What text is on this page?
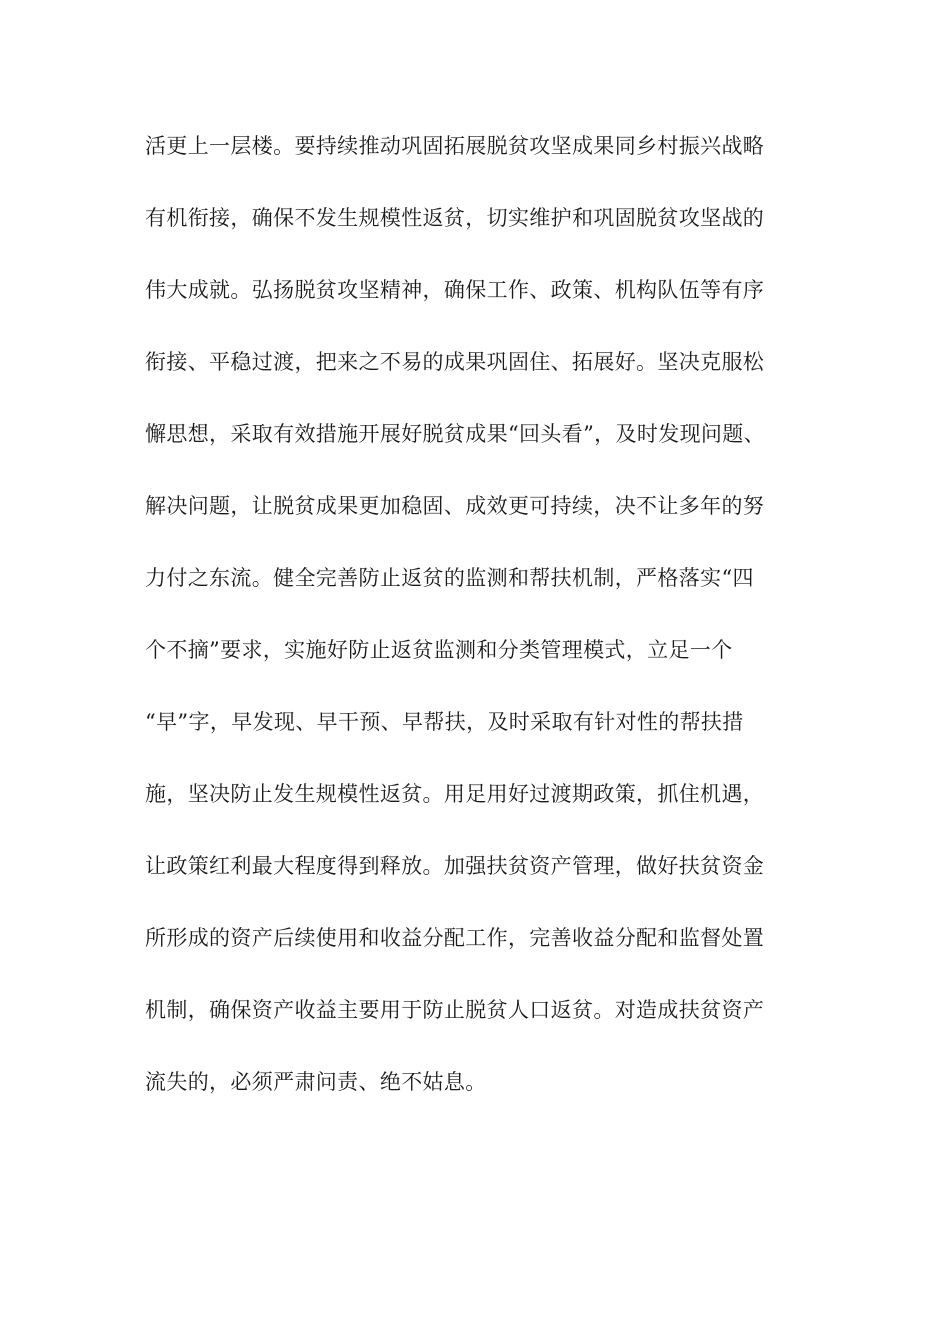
活更上一层楼。要持续推动巩固拓展脱贫攻坚成果同乡村振兴战略
有机衔接，确保不发生规模性返贫，切实维护和巩固脱贫攻坚战的
伟大成就。弘扬脱贫攻坚精神，确保工作、政策、机构队伍等有序
衔接、平稳过渡，把来之不易的成果巩固住、拓展好。坚决克服松
懈思想，采取有效措施开展好脱贫成果“回头看”，及时发现问题、
解决问题，让脱贫成果更加稳固、成效更可持续，决不让多年的努
力付之东流。健全完善防止返贫的监测和帮扶机制，严格落实“四
个不摘”要求，实施好防止返贫监测和分类管理模式，立足一个
“早”字，早发现、早干预、早帮扶，及时采取有针对性的帮扶措
施，坚决防止发生规模性返贫。用足用好过渡期政策，抓住机遇，
让政策红利最大程度得到释放。加强扶贫资产管理，做好扶贫资金
所形成的资产后续使用和收益分配工作，完善收益分配和监督处置
机制，确保资产收益主要用于防止脱贫人口返贫。对造成扶贫资产
流失的，必须严肃问责、绝不姑息。
